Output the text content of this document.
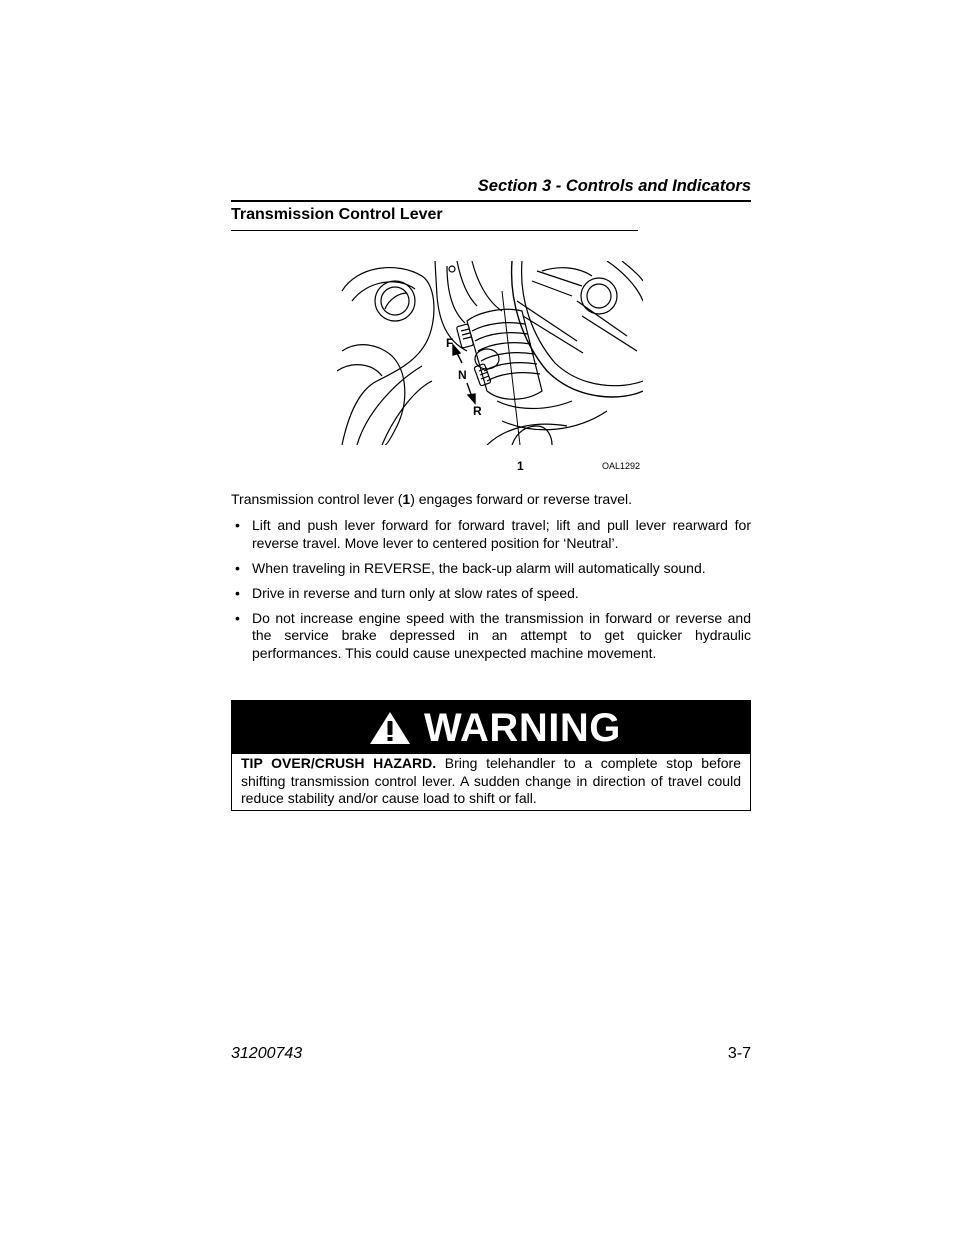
Section 3 - Controls and Indicators
Transmission Control Lever
F
N
R
1	OAL1292
Transmission control lever (1) engages forward or reverse travel.
• Lift and push lever forward for forward travel; lift and pull lever rearward for reverse travel. Move lever to centered position for ‘Neutral’.
• When traveling in REVERSE, the back-up alarm will automatically sound.
• Drive in reverse and turn only at slow rates of speed.
• Do not increase engine speed with the transmission in forward or reverse and the service brake depressed in an attempt to get quicker hydraulic performances. This could cause unexpected machine movement.
WARNING
TIP OVER/CRUSH HAZARD. Bring telehandler to a complete stop before shifting transmission control lever. A sudden change in direction of travel could reduce stability and/or cause load to shift or fall.
31200743	3-7
